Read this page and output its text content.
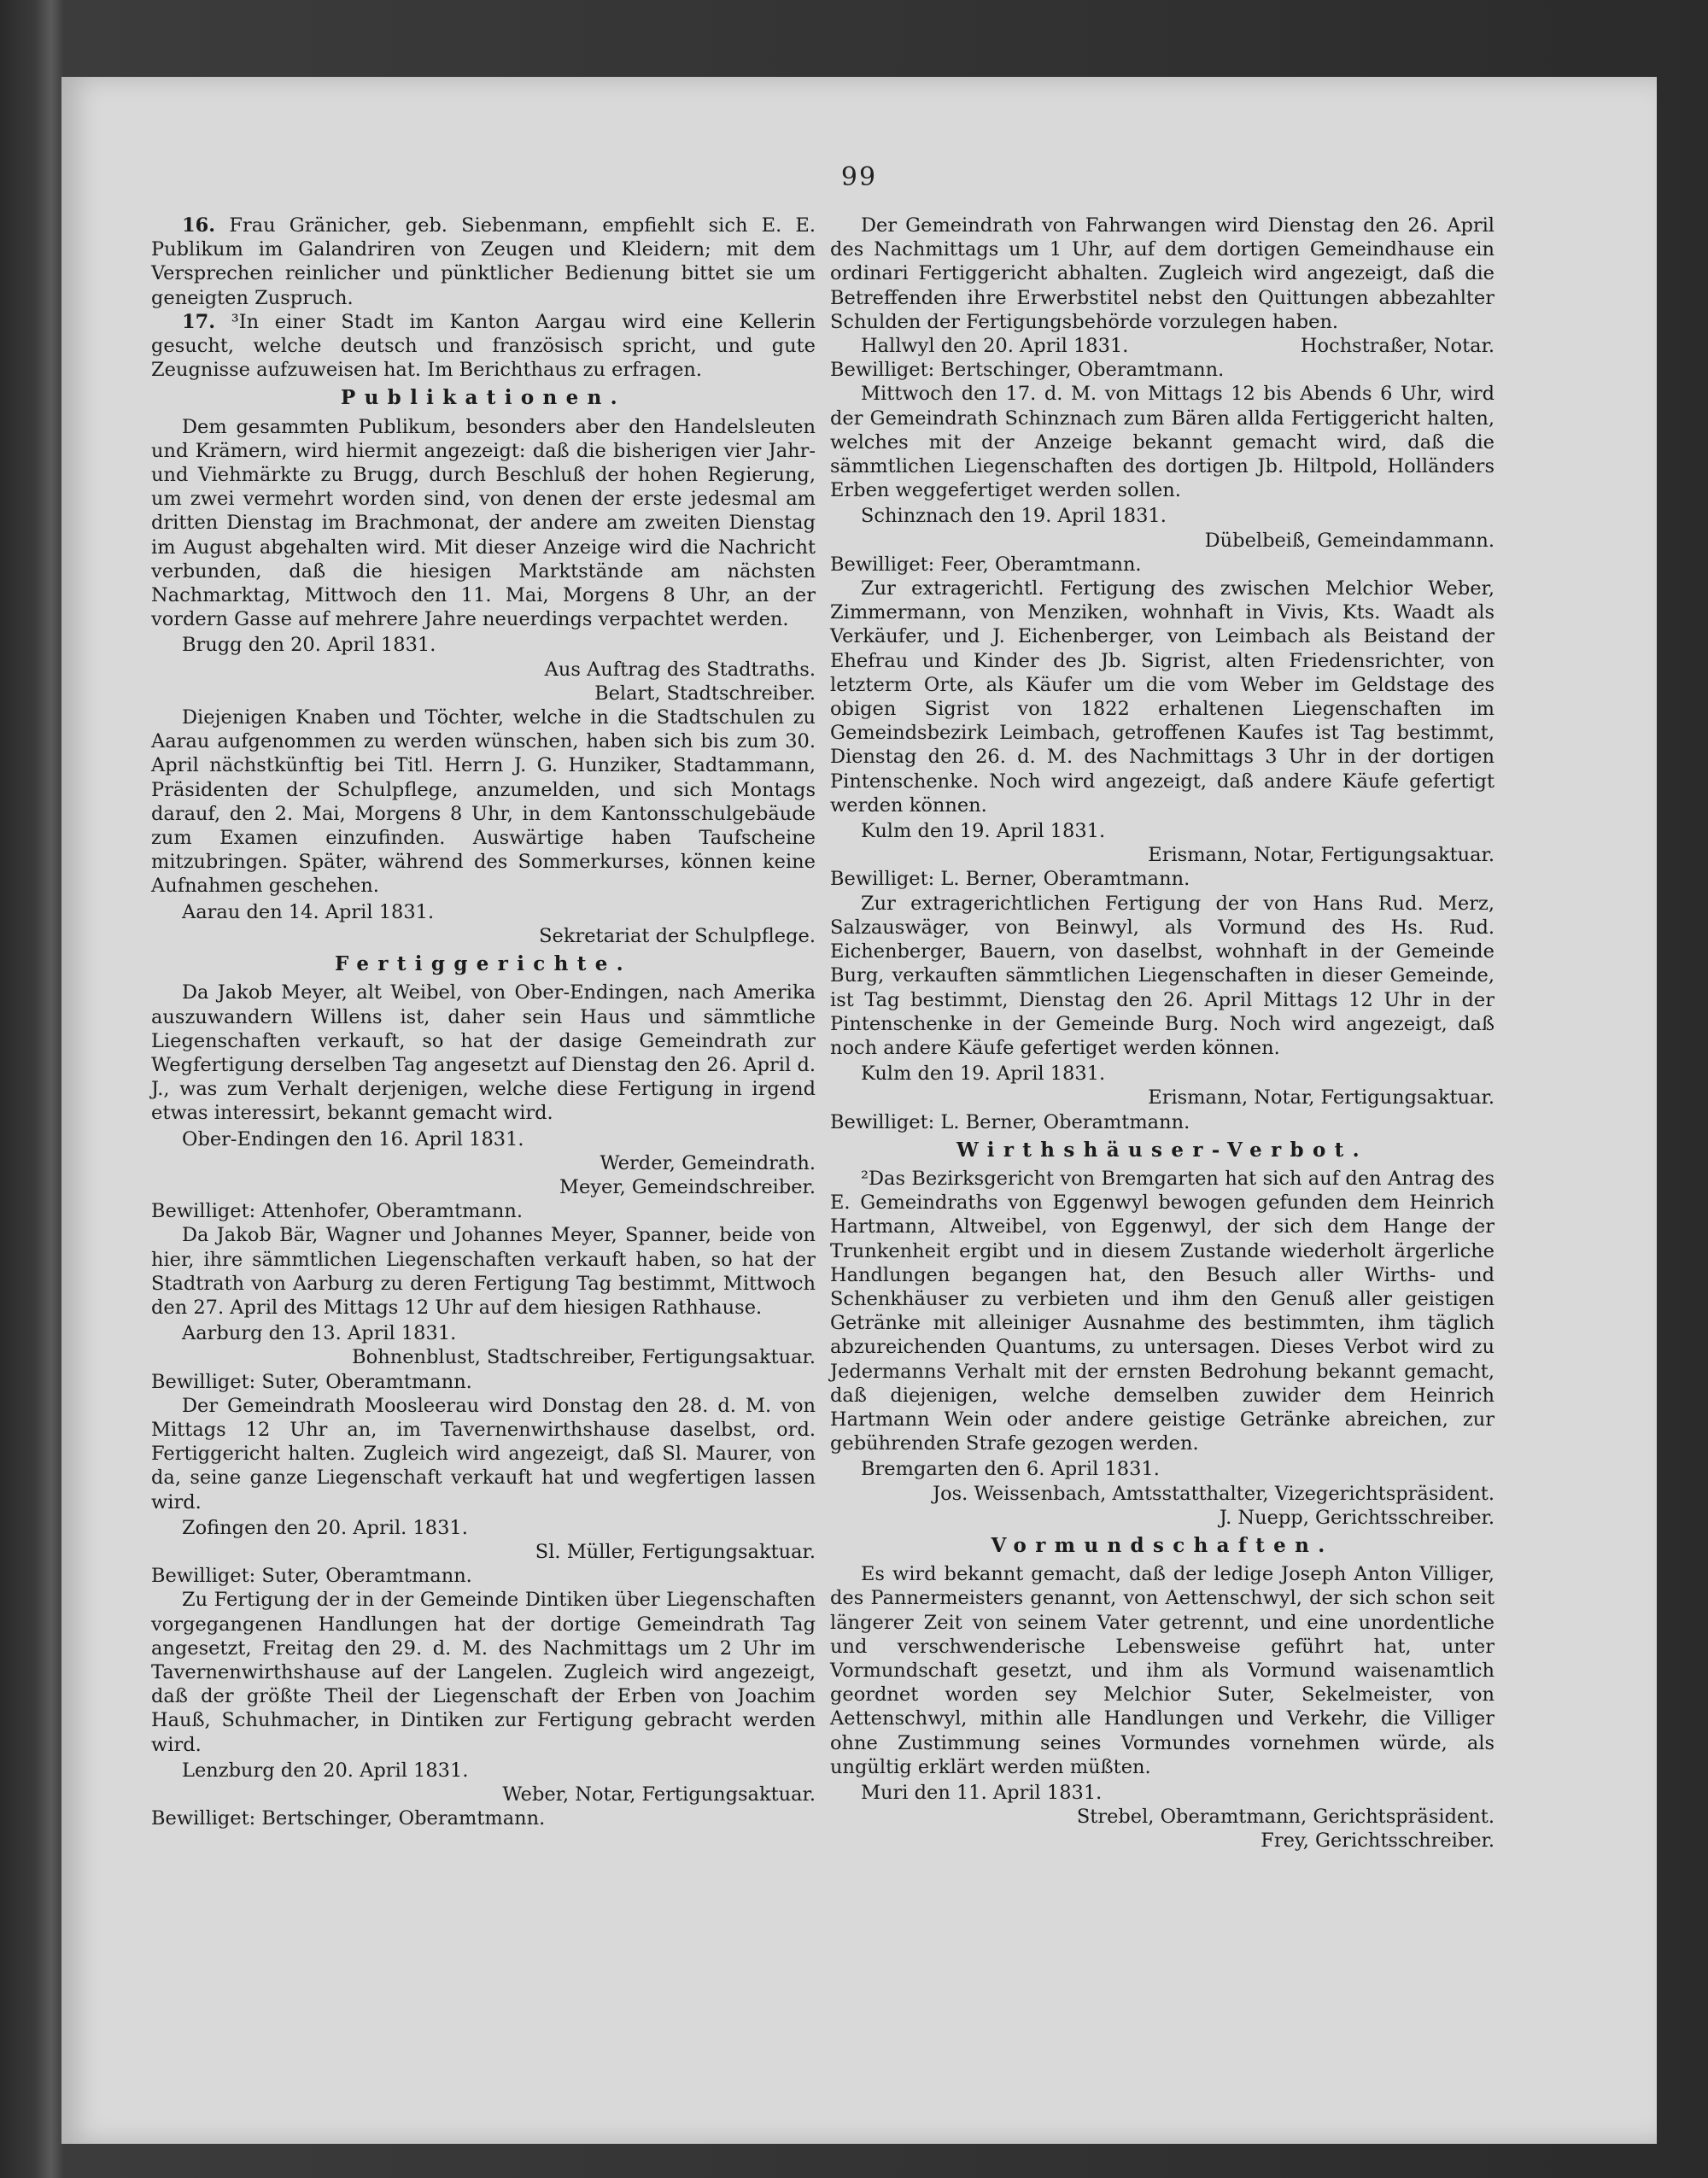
99

16. Frau Gränicher, geb. Siebenmann, empfiehlt sich E. E. Publikum im Galandriren von Zeugen und Kleidern; mit dem Versprechen reinlicher und pünktlicher Bedienung bittet sie um geneigten Zuspruch.

17. ³In einer Stadt im Kanton Aargau wird eine Kellerin gesucht, welche deutsch und französisch spricht, und gute Zeugnisse aufzuweisen hat. Im Berichthaus zu erfragen.

Publikationen.

Dem gesammten Publikum, besonders aber den Handelsleuten und Krämern, wird hiermit angezeigt: daß die bisherigen vier Jahr- und Viehmärkte zu Brugg, durch Beschluß der hohen Regierung, um zwei vermehrt worden sind, von denen der erste jedesmal am dritten Dienstag im Brachmonat, der andere am zweiten Dienstag im August abgehalten wird. Mit dieser Anzeige wird die Nachricht verbunden, daß die hiesigen Marktstände am nächsten Nachmarktag, Mittwoch den 11. Mai, Morgens 8 Uhr, an der vordern Gasse auf mehrere Jahre neuerdings verpachtet werden.

Brugg den 20. April 1831.

Aus Auftrag des Stadtraths.

Belart, Stadtschreiber.

Diejenigen Knaben und Töchter, welche in die Stadtschulen zu Aarau aufgenommen zu werden wünschen, haben sich bis zum 30. April nächstkünftig bei Titl. Herrn J. G. Hunziker, Stadtammann, Präsidenten der Schulpflege, anzumelden, und sich Montags darauf, den 2. Mai, Morgens 8 Uhr, in dem Kantonsschulgebäude zum Examen einzufinden. Auswärtige haben Taufscheine mitzubringen. Später, während des Sommerkurses, können keine Aufnahmen geschehen.

Aarau den 14. April 1831.

Sekretariat der Schulpflege.

Fertiggerichte.

Da Jakob Meyer, alt Weibel, von Ober-Endingen, nach Amerika auszuwandern Willens ist, daher sein Haus und sämmtliche Liegenschaften verkauft, so hat der dasige Gemeindrath zur Wegfertigung derselben Tag angesetzt auf Dienstag den 26. April d. J., was zum Verhalt derjenigen, welche diese Fertigung in irgend etwas interessirt, bekannt gemacht wird.

Ober-Endingen den 16. April 1831.

Werder, Gemeindrath.

Meyer, Gemeindschreiber.

Bewilliget: Attenhofer, Oberamtmann.

Da Jakob Bär, Wagner und Johannes Meyer, Spanner, beide von hier, ihre sämmtlichen Liegenschaften verkauft haben, so hat der Stadtrath von Aarburg zu deren Fertigung Tag bestimmt, Mittwoch den 27. April des Mittags 12 Uhr auf dem hiesigen Rathhause.

Aarburg den 13. April 1831.

Bohnenblust, Stadtschreiber, Fertigungsaktuar.

Bewilliget: Suter, Oberamtmann.

Der Gemeindrath Moosleerau wird Donstag den 28. d. M. von Mittags 12 Uhr an, im Tavernenwirthshause daselbst, ord. Fertiggericht halten. Zugleich wird angezeigt, daß Sl. Maurer, von da, seine ganze Liegenschaft verkauft hat und wegfertigen lassen wird.

Zofingen den 20. April. 1831.

Sl. Müller, Fertigungsaktuar.

Bewilliget: Suter, Oberamtmann.

Zu Fertigung der in der Gemeinde Dintiken über Liegenschaften vorgegangenen Handlungen hat der dortige Gemeindrath Tag angesetzt, Freitag den 29. d. M. des Nachmittags um 2 Uhr im Tavernenwirthshause auf der Langelen. Zugleich wird angezeigt, daß der größte Theil der Liegenschaft der Erben von Joachim Hauß, Schuhmacher, in Dintiken zur Fertigung gebracht werden wird.

Lenzburg den 20. April 1831.

Weber, Notar, Fertigungsaktuar.

Bewilliget: Bertschinger, Oberamtmann.

Der Gemeindrath von Fahrwangen wird Dienstag den 26. April des Nachmittags um 1 Uhr, auf dem dortigen Gemeindhause ein ordinari Fertiggericht abhalten. Zugleich wird angezeigt, daß die Betreffenden ihre Erwerbstitel nebst den Quittungen abbezahlter Schulden der Fertigungsbehörde vorzulegen haben.

Hallwyl den 20. April 1831.	Hochstraßer, Notar.

Bewilliget: Bertschinger, Oberamtmann.

Mittwoch den 17. d. M. von Mittags 12 bis Abends 6 Uhr, wird der Gemeindrath Schinznach zum Bären allda Fertiggericht halten, welches mit der Anzeige bekannt gemacht wird, daß die sämmtlichen Liegenschaften des dortigen Jb. Hiltpold, Holländers Erben weggefertiget werden sollen.

Schinznach den 19. April 1831.

Dübelbeiß, Gemeindammann.

Bewilliget: Feer, Oberamtmann.

Zur extragerichtl. Fertigung des zwischen Melchior Weber, Zimmermann, von Menziken, wohnhaft in Vivis, Kts. Waadt als Verkäufer, und J. Eichenberger, von Leimbach als Beistand der Ehefrau und Kinder des Jb. Sigrist, alten Friedensrichter, von letzterm Orte, als Käufer um die vom Weber im Geldstage des obigen Sigrist von 1822 erhaltenen Liegenschaften im Gemeindsbezirk Leimbach, getroffenen Kaufes ist Tag bestimmt, Dienstag den 26. d. M. des Nachmittags 3 Uhr in der dortigen Pintenschenke. Noch wird angezeigt, daß andere Käufe gefertigt werden können.

Kulm den 19. April 1831.

Erismann, Notar, Fertigungsaktuar.

Bewilliget: L. Berner, Oberamtmann.

Zur extragerichtlichen Fertigung der von Hans Rud. Merz, Salzauswäger, von Beinwyl, als Vormund des Hs. Rud. Eichenberger, Bauern, von daselbst, wohnhaft in der Gemeinde Burg, verkauften sämmtlichen Liegenschaften in dieser Gemeinde, ist Tag bestimmt, Dienstag den 26. April Mittags 12 Uhr in der Pintenschenke in der Gemeinde Burg. Noch wird angezeigt, daß noch andere Käufe gefertiget werden können.

Kulm den 19. April 1831.

Erismann, Notar, Fertigungsaktuar.

Bewilliget: L. Berner, Oberamtmann.

Wirthshäuser-Verbot.

²Das Bezirksgericht von Bremgarten hat sich auf den Antrag des E. Gemeindraths von Eggenwyl bewogen gefunden dem Heinrich Hartmann, Altweibel, von Eggenwyl, der sich dem Hange der Trunkenheit ergibt und in diesem Zustande wiederholt ärgerliche Handlungen begangen hat, den Besuch aller Wirths- und Schenkhäuser zu verbieten und ihm den Genuß aller geistigen Getränke mit alleiniger Ausnahme des bestimmten, ihm täglich abzureichenden Quantums, zu untersagen. Dieses Verbot wird zu Jedermanns Verhalt mit der ernsten Bedrohung bekannt gemacht, daß diejenigen, welche demselben zuwider dem Heinrich Hartmann Wein oder andere geistige Getränke abreichen, zur gebührenden Strafe gezogen werden.

Bremgarten den 6. April 1831.

Jos. Weissenbach, Amtsstatthalter, Vizegerichtspräsident.

J. Nuepp, Gerichtsschreiber.

Vormundschaften.

Es wird bekannt gemacht, daß der ledige Joseph Anton Villiger, des Pannermeisters genannt, von Aettenschwyl, der sich schon seit längerer Zeit von seinem Vater getrennt, und eine unordentliche und verschwenderische Lebensweise geführt hat, unter Vormundschaft gesetzt, und ihm als Vormund waisenamtlich geordnet worden sey Melchior Suter, Sekelmeister, von Aettenschwyl, mithin alle Handlungen und Verkehr, die Villiger ohne Zustimmung seines Vormundes vornehmen würde, als ungültig erklärt werden müßten.

Muri den 11. April 1831.

Strebel, Oberamtmann, Gerichtspräsident.

Frey, Gerichtsschreiber.
